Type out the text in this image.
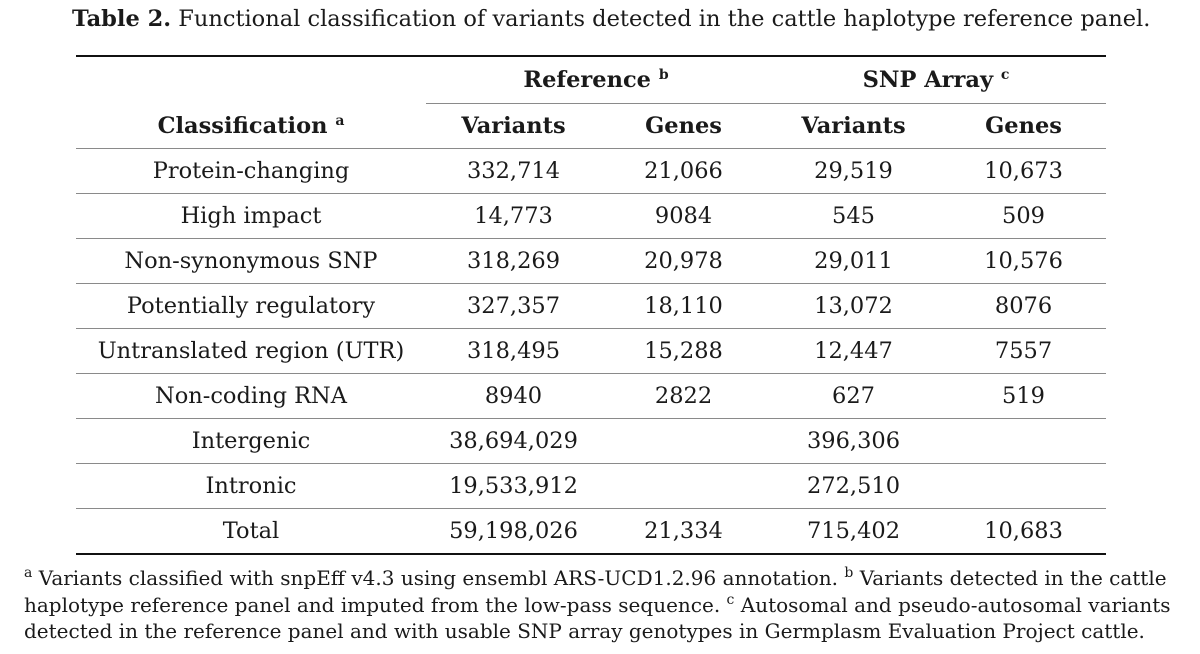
Table 2. Functional classification of variants detected in the cattle haplotype reference panel.
	Reference $^b$		SNP Array $^c$
Classification $^a$	Variants	Genes	Variants	Genes
Protein-changing	332,714	21,066	29,519	10,673
High impact	14,773	9084	545	509
Non-synonymous SNP	318,269	20,978	29,011	10,576
Potentially regulatory	327,357	18,110	13,072	8076
Untranslated region (UTR)	318,495	15,288	12,447	7557
Non-coding RNA	8940	2822	627	519
Intergenic	38,694,029		396,306	
Intronic	19,533,912		272,510	
Total	59,198,026	21,334	715,402	10,683
$^a$ Variants classified with snpEff v4.3 using ensembl ARS-UCD1.2.96 annotation. $^b$ Variants detected in the cattle
haplotype reference panel and imputed from the low-pass sequence. $^c$ Autosomal and pseudo-autosomal variants
detected in the reference panel and with usable SNP array genotypes in Germplasm Evaluation Project cattle.
